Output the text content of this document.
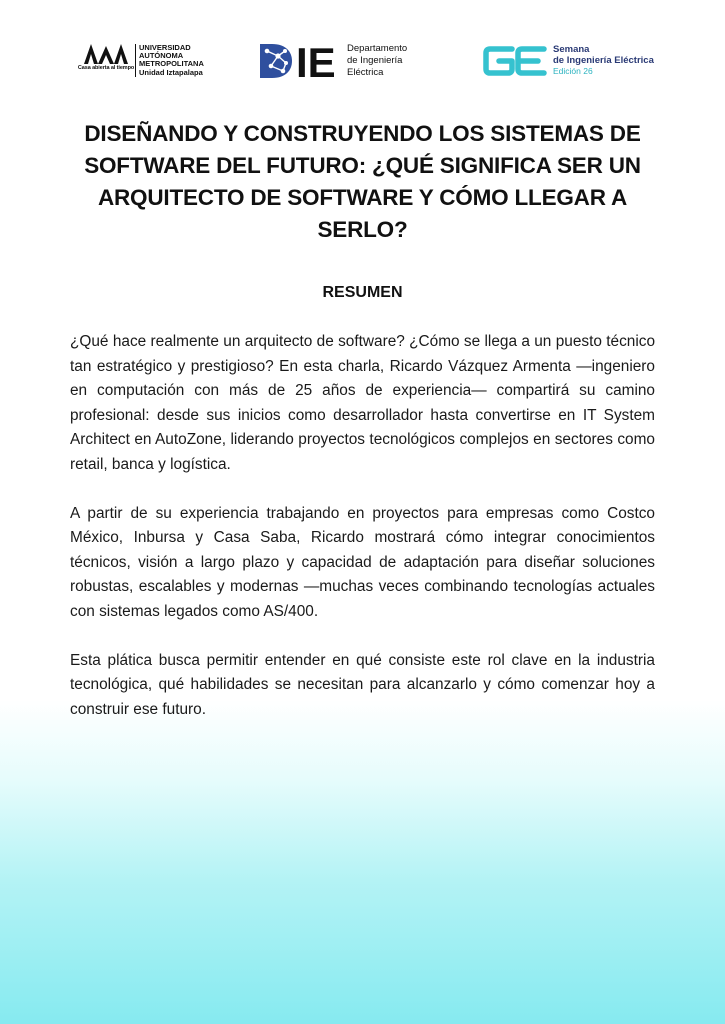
Casa abierta al tiempo
UNIVERSIDAD
AUTÓNOMA
METROPOLITANA
Unidad Iztapalapa IE Departamento
de Ingeniería
Eléctrica
Semana
de Ingeniería Eléctrica
Edición 26
DISEÑANDO Y CONSTRUYENDO LOS SISTEMAS DE SOFTWARE DEL FUTURO: ¿QUÉ SIGNIFICA SER UN ARQUITECTO DE SOFTWARE Y CÓMO LLEGAR A SERLO?
RESUMEN

¿Qué hace realmente un arquitecto de software? ¿Cómo se llega a un puesto técnico tan estratégico y prestigioso? En esta charla, Ricardo Vázquez Armenta —ingeniero en computación con más de 25 años de experiencia— compartirá su camino profesional: desde sus inicios como desarrollador hasta convertirse en IT System Architect en AutoZone, liderando proyectos tecnológicos complejos en sectores como retail, banca y logística.

A partir de su experiencia trabajando en proyectos para empresas como Costco México, Inbursa y Casa Saba, Ricardo mostrará cómo integrar conocimientos técnicos, visión a largo plazo y capacidad de adaptación para diseñar soluciones robustas, escalables y modernas —muchas veces combinando tecnologías actuales con sistemas legados como AS/400.

Esta plática busca permitir entender en qué consiste este rol clave en la industria tecnológica, qué habilidades se necesitan para alcanzarlo y cómo comenzar hoy a construir ese futuro.
